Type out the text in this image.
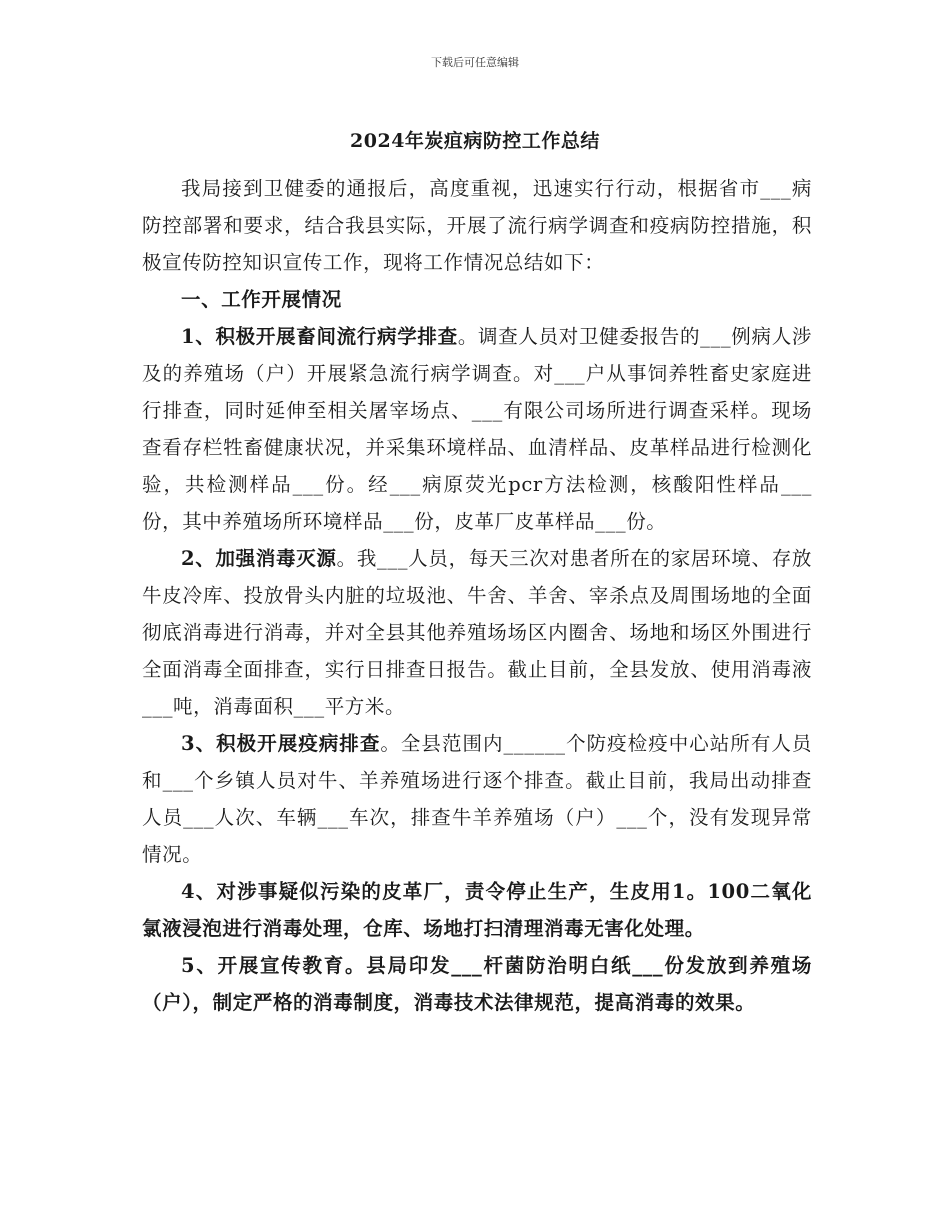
下载后可任意编辑
2024年炭疽病防控工作总结

我局接到卫健委的通报后，高度重视，迅速实行行动，根据省市___病防控部署和要求，结合我县实际，开展了流行病学调查和疫病防控措施，积极宣传防控知识宣传工作，现将工作情况总结如下：

一、工作开展情况

1、积极开展畜间流行病学排查。调查人员对卫健委报告的___例病人涉及的养殖场（户）开展紧急流行病学调查。对___户从事饲养牲畜史家庭进行排查，同时延伸至相关屠宰场点、___有限公司场所进行调查采样。现场查看存栏牲畜健康状况，并采集环境样品、血清样品、皮革样品进行检测化验，共检测样品___份。经___病原荧光pcr方法检测，核酸阳性样品___份，其中养殖场所环境样品___份，皮革厂皮革样品___份。

2、加强消毒灭源。我___人员，每天三次对患者所在的家居环境、存放牛皮冷库、投放骨头内脏的垃圾池、牛舍、羊舍、宰杀点及周围场地的全面彻底消毒进行消毒，并对全县其他养殖场场区内圈舍、场地和场区外围进行全面消毒全面排查，实行日排查日报告。截止目前，全县发放、使用消毒液___吨，消毒面积___平方米。

3、积极开展疫病排查。全县范围内______个防疫检疫中心站所有人员和___个乡镇人员对牛、羊养殖场进行逐个排查。截止目前，我局出动排查人员___人次、车辆___车次，排查牛羊养殖场（户）___个，没有发现异常情况。

4、对涉事疑似污染的皮革厂，责令停止生产，生皮用1。100二氧化氯液浸泡进行消毒处理，仓库、场地打扫清理消毒无害化处理。

5、开展宣传教育。县局印发___杆菌防治明白纸___份发放到养殖场（户），制定严格的消毒制度，消毒技术法律规范，提高消毒的效果。
